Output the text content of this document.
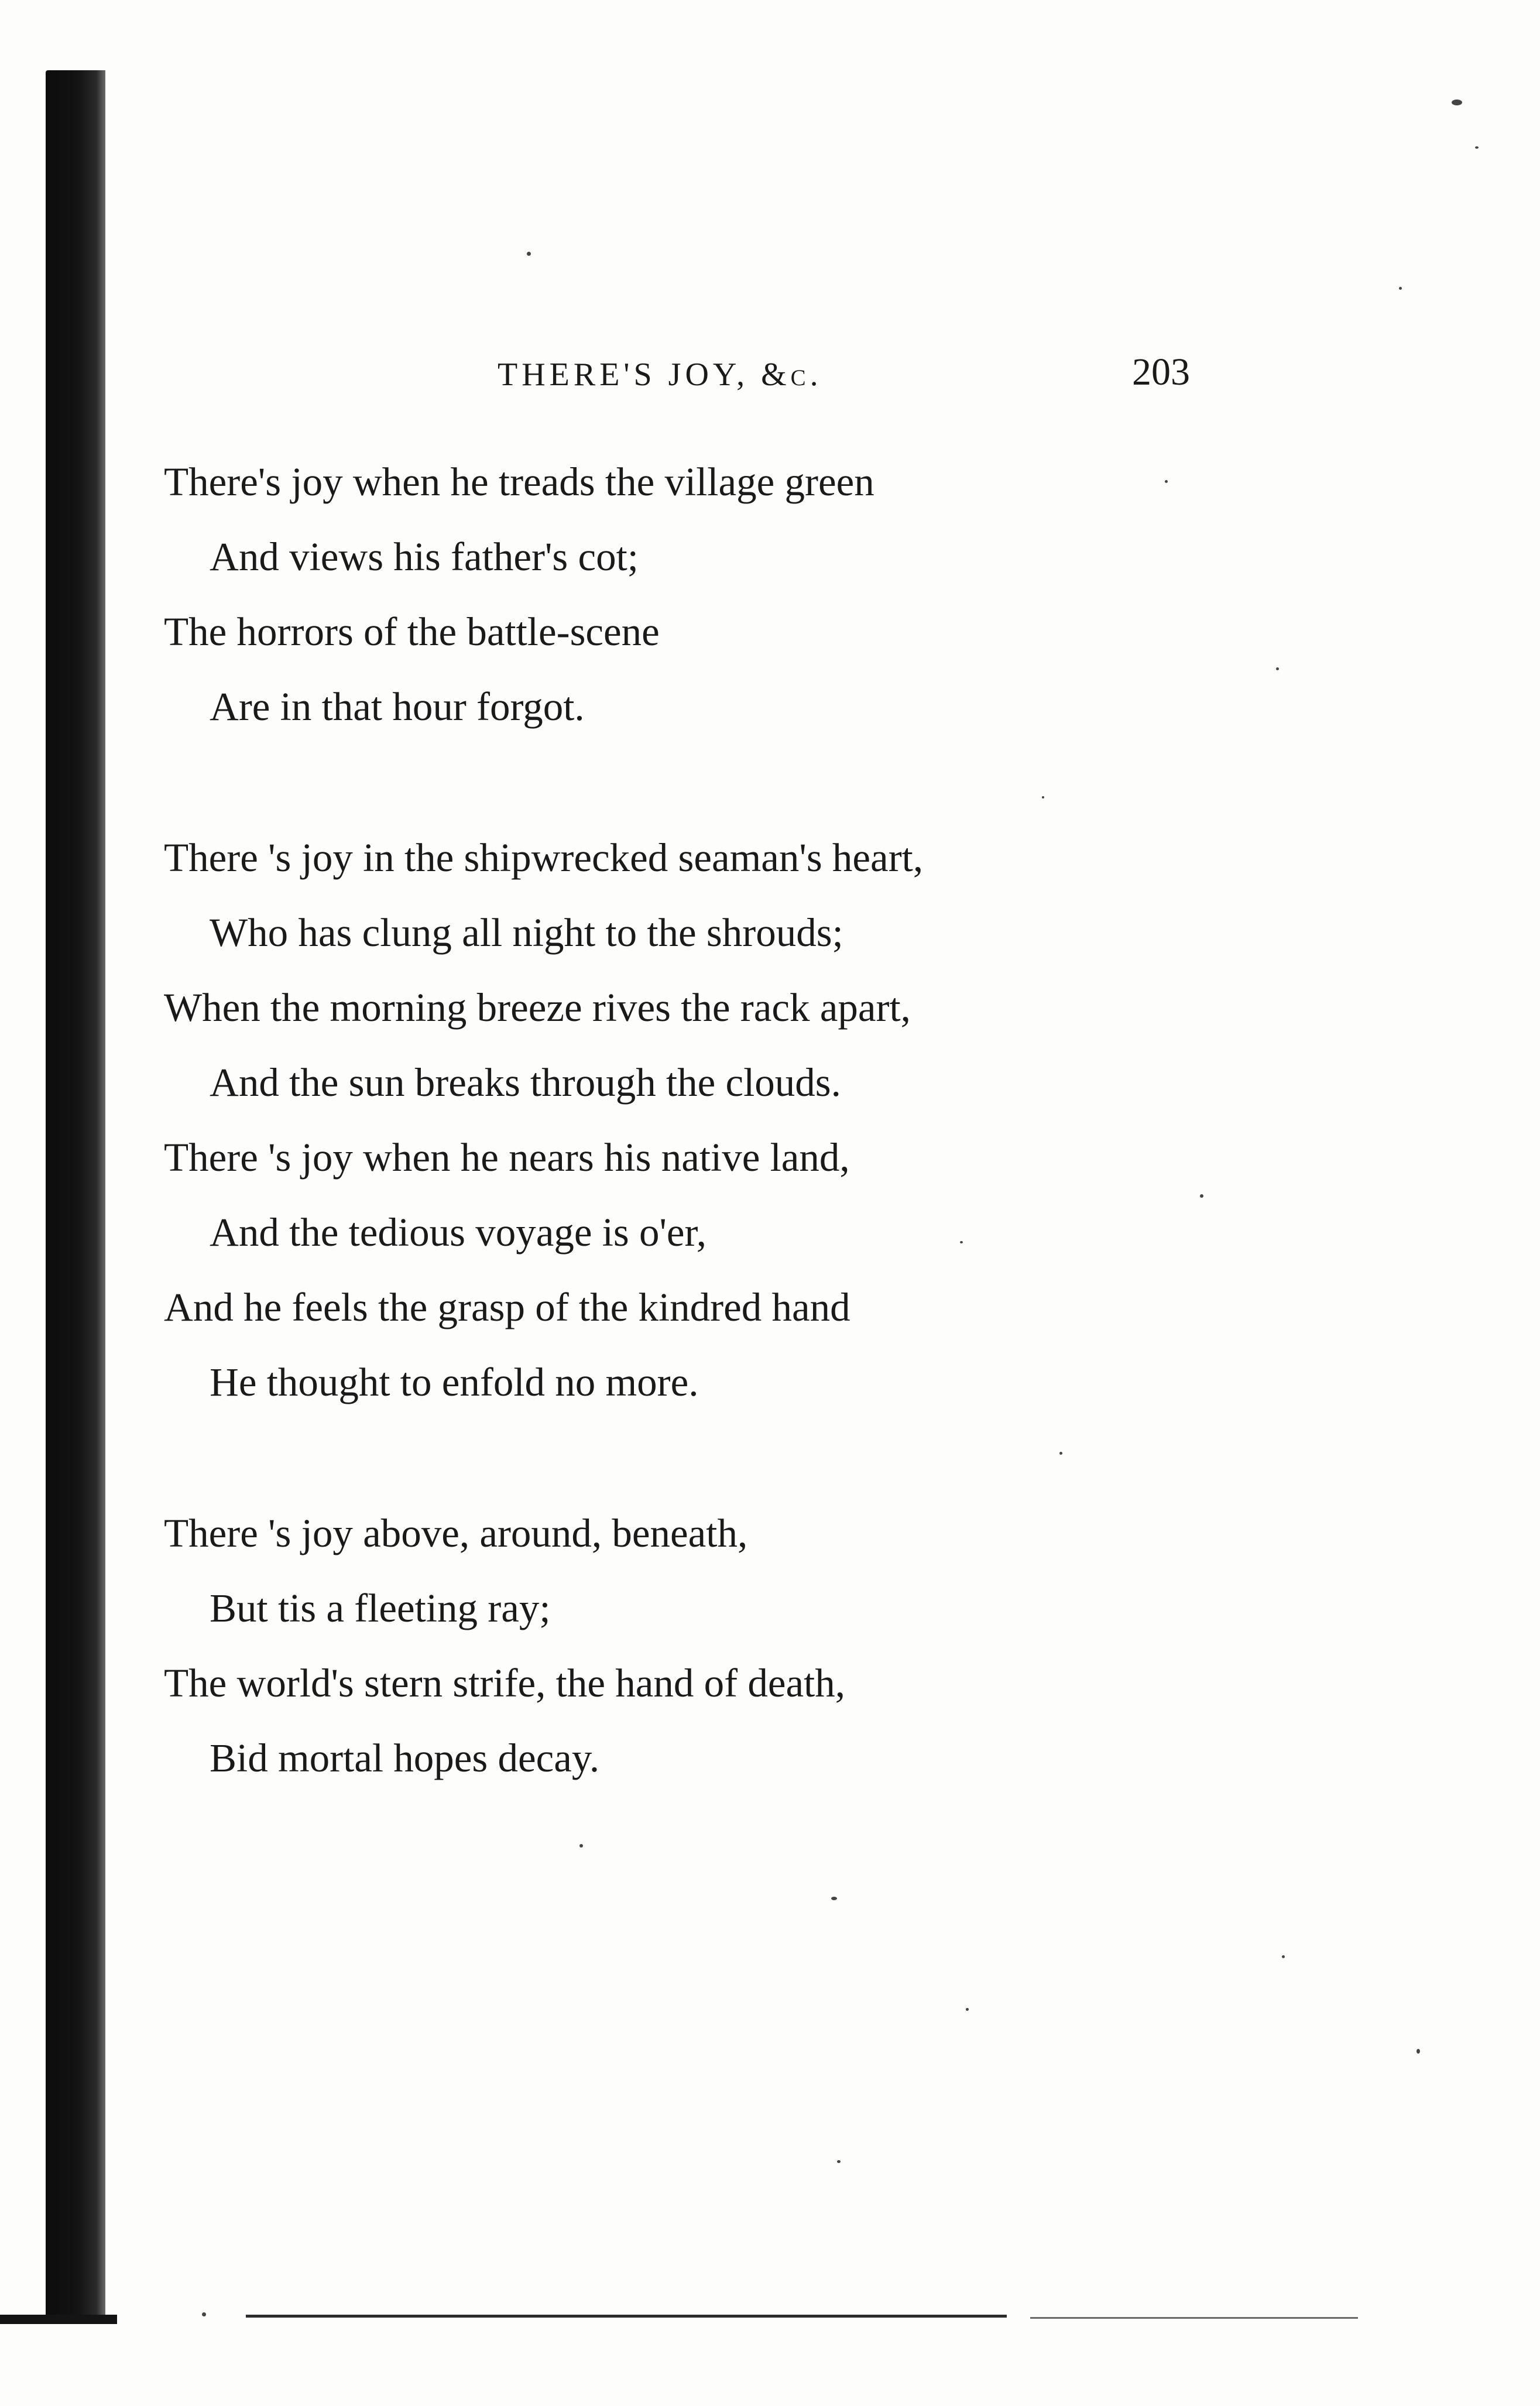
THERE'S JOY, &c.	203
There's joy when he treads the village green
And views his father's cot;
The horrors of the battle-scene
Are in that hour forgot.
There 's joy in the shipwrecked seaman's heart,
Who has clung all night to the shrouds;
When the morning breeze rives the rack apart,
And the sun breaks through the clouds.
There 's joy when he nears his native land,
And the tedious voyage is o'er,
And he feels the grasp of the kindred hand
He thought to enfold no more.
There 's joy above, around, beneath,
But tis a fleeting ray;
The world's stern strife, the hand of death,
Bid mortal hopes decay.
